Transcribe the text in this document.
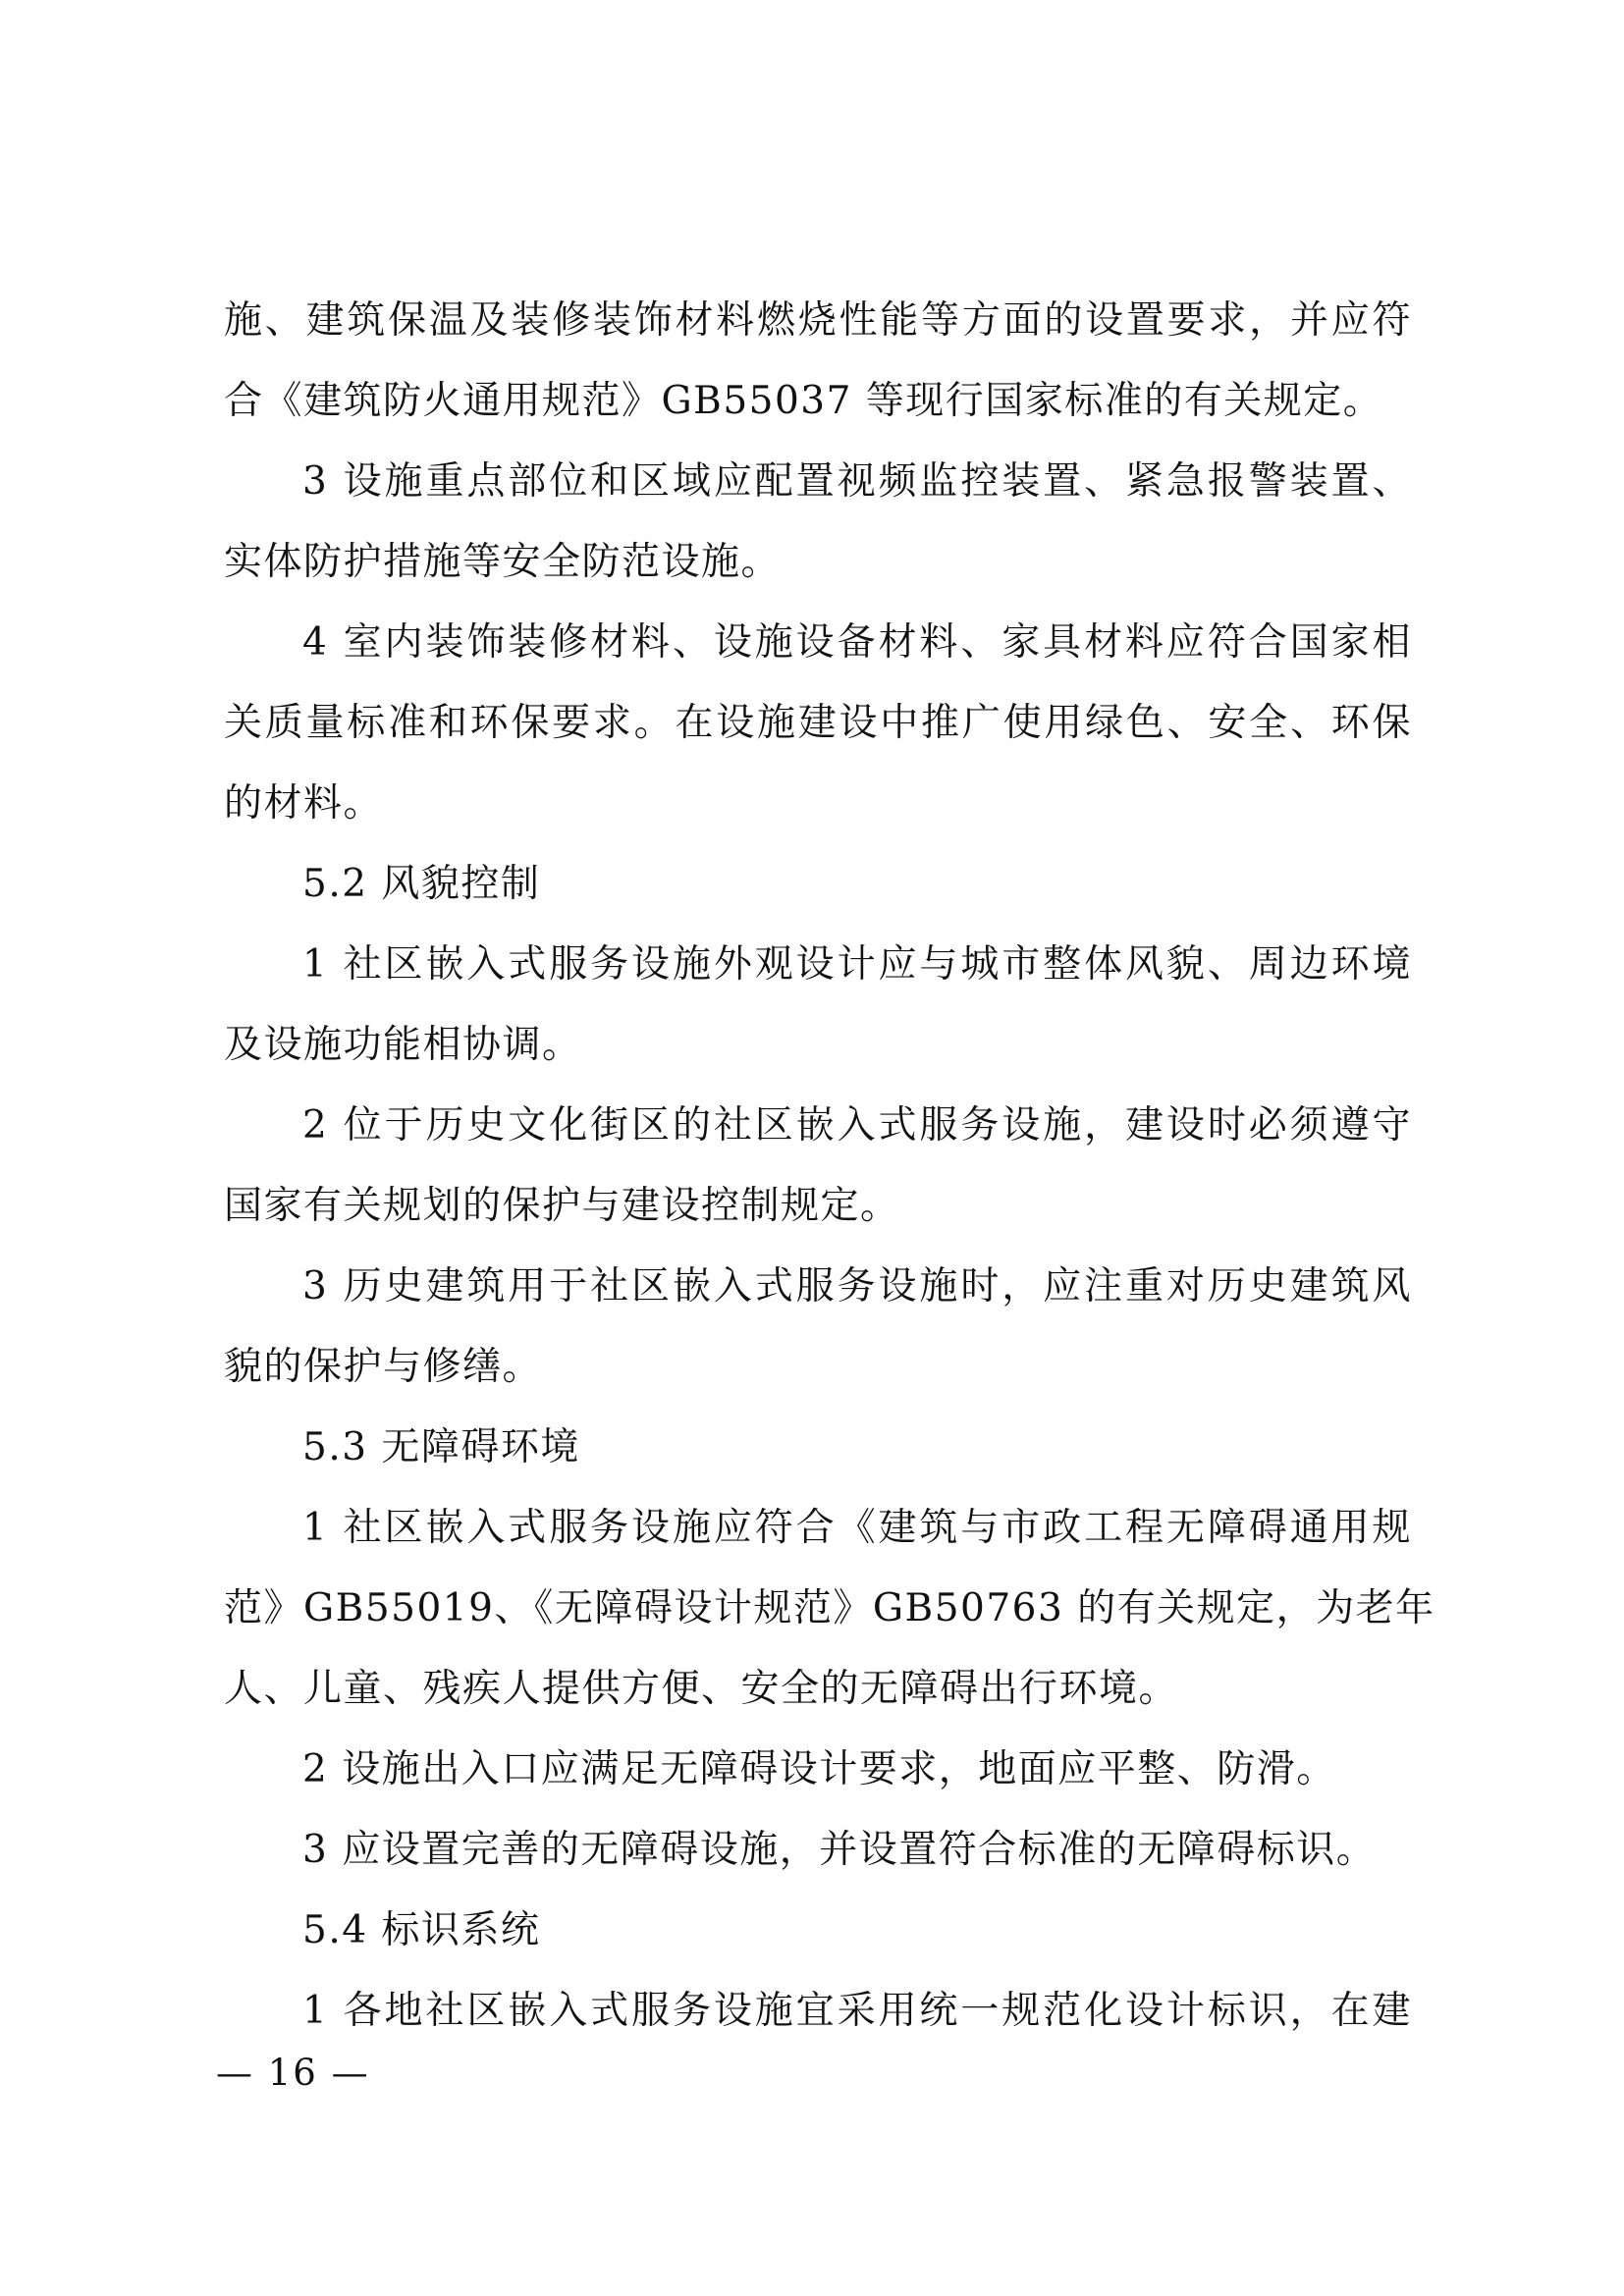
施、建筑保温及装修装饰材料燃烧性能等方面的设置要求，并应符
合《建筑防火通用规范》GB55037 等现行国家标准的有关规定。
3 设施重点部位和区域应配置视频监控装置、紧急报警装置、
实体防护措施等安全防范设施。
4 室内装饰装修材料、设施设备材料、家具材料应符合国家相
关质量标准和环保要求。在设施建设中推广使用绿色、安全、环保
的材料。
5.2 风貌控制
1 社区嵌入式服务设施外观设计应与城市整体风貌、周边环境
及设施功能相协调。
2 位于历史文化街区的社区嵌入式服务设施，建设时必须遵守
国家有关规划的保护与建设控制规定。
3 历史建筑用于社区嵌入式服务设施时，应注重对历史建筑风
貌的保护与修缮。
5.3 无障碍环境
1 社区嵌入式服务设施应符合《建筑与市政工程无障碍通用规
范》GB55019、《无障碍设计规范》GB50763 的有关规定，为老年
人、儿童、残疾人提供方便、安全的无障碍出行环境。
2 设施出入口应满足无障碍设计要求，地面应平整、防滑。
3 应设置完善的无障碍设施，并设置符合标准的无障碍标识。
5.4 标识系统
1 各地社区嵌入式服务设施宜采用统一规范化设计标识，在建
— 16 —
